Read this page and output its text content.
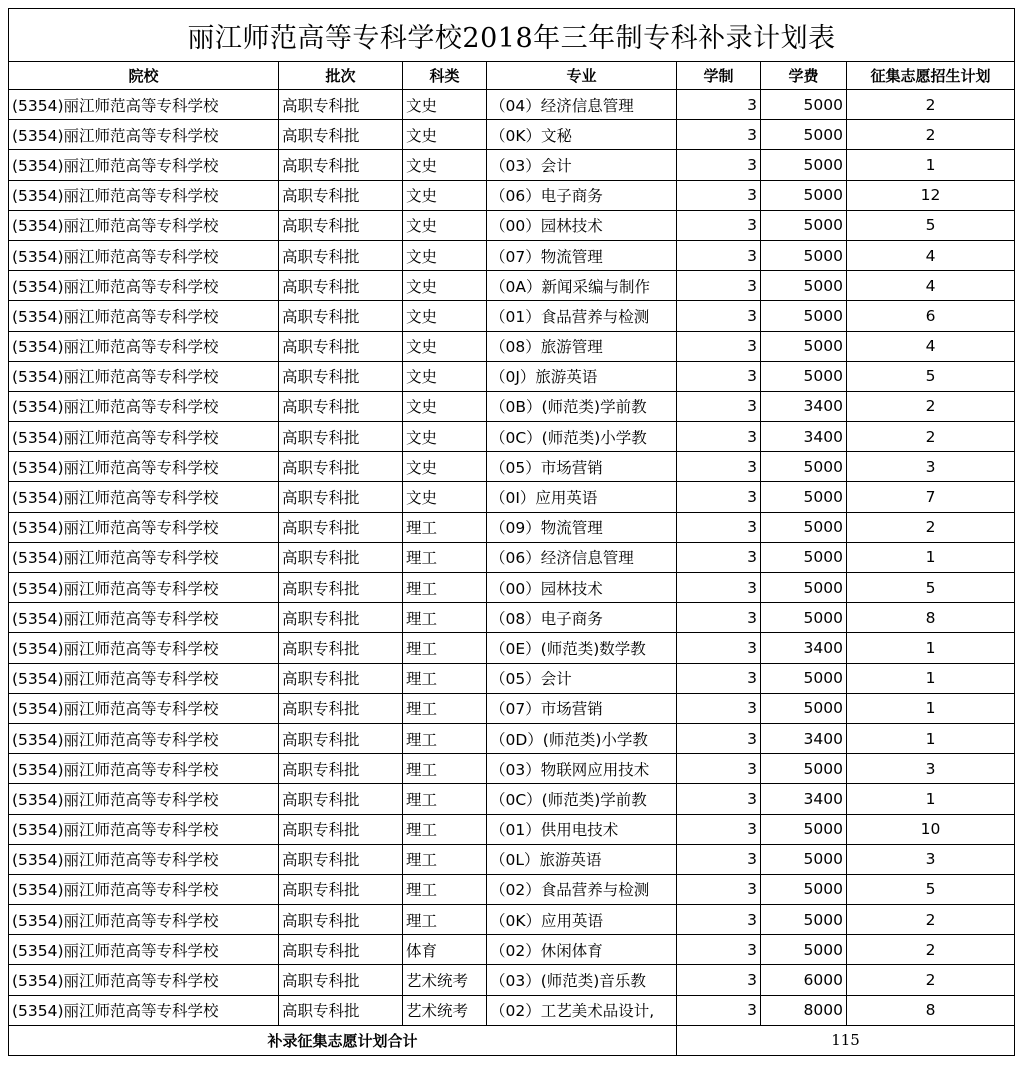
丽江师范高等专科学校2018年三年制专科补录计划表						
院校	批次	科类	专业	学制	学费	征集志愿招生计划
(5354)丽江师范高等专科学校	高职专科批	文史	（04）经济信息管理	3	5000	2
(5354)丽江师范高等专科学校	高职专科批	文史	（0K）文秘	3	5000	2
(5354)丽江师范高等专科学校	高职专科批	文史	（03）会计	3	5000	1
(5354)丽江师范高等专科学校	高职专科批	文史	（06）电子商务	3	5000	12
(5354)丽江师范高等专科学校	高职专科批	文史	（00）园林技术	3	5000	5
(5354)丽江师范高等专科学校	高职专科批	文史	（07）物流管理	3	5000	4
(5354)丽江师范高等专科学校	高职专科批	文史	（0A）新闻采编与制作	3	5000	4
(5354)丽江师范高等专科学校	高职专科批	文史	（01）食品营养与检测	3	5000	6
(5354)丽江师范高等专科学校	高职专科批	文史	（08）旅游管理	3	5000	4
(5354)丽江师范高等专科学校	高职专科批	文史	（0J）旅游英语	3	5000	5
(5354)丽江师范高等专科学校	高职专科批	文史	（0B）(师范类)学前教	3	3400	2
(5354)丽江师范高等专科学校	高职专科批	文史	（0C）(师范类)小学教	3	3400	2
(5354)丽江师范高等专科学校	高职专科批	文史	（05）市场营销	3	5000	3
(5354)丽江师范高等专科学校	高职专科批	文史	（0I）应用英语	3	5000	7
(5354)丽江师范高等专科学校	高职专科批	理工	（09）物流管理	3	5000	2
(5354)丽江师范高等专科学校	高职专科批	理工	（06）经济信息管理	3	5000	1
(5354)丽江师范高等专科学校	高职专科批	理工	（00）园林技术	3	5000	5
(5354)丽江师范高等专科学校	高职专科批	理工	（08）电子商务	3	5000	8
(5354)丽江师范高等专科学校	高职专科批	理工	（0E）(师范类)数学教	3	3400	1
(5354)丽江师范高等专科学校	高职专科批	理工	（05）会计	3	5000	1
(5354)丽江师范高等专科学校	高职专科批	理工	（07）市场营销	3	5000	1
(5354)丽江师范高等专科学校	高职专科批	理工	（0D）(师范类)小学教	3	3400	1
(5354)丽江师范高等专科学校	高职专科批	理工	（03）物联网应用技术	3	5000	3
(5354)丽江师范高等专科学校	高职专科批	理工	（0C）(师范类)学前教	3	3400	1
(5354)丽江师范高等专科学校	高职专科批	理工	（01）供用电技术	3	5000	10
(5354)丽江师范高等专科学校	高职专科批	理工	（0L）旅游英语	3	5000	3
(5354)丽江师范高等专科学校	高职专科批	理工	（02）食品营养与检测	3	5000	5
(5354)丽江师范高等专科学校	高职专科批	理工	（0K）应用英语	3	5000	2
(5354)丽江师范高等专科学校	高职专科批	体育	（02）休闲体育	3	5000	2
(5354)丽江师范高等专科学校	高职专科批	艺术统考	（03）(师范类)音乐教	3	6000	2
(5354)丽江师范高等专科学校	高职专科批	艺术统考	（02）工艺美术品设计,	3	8000	8
补录征集志愿计划合计				115		
